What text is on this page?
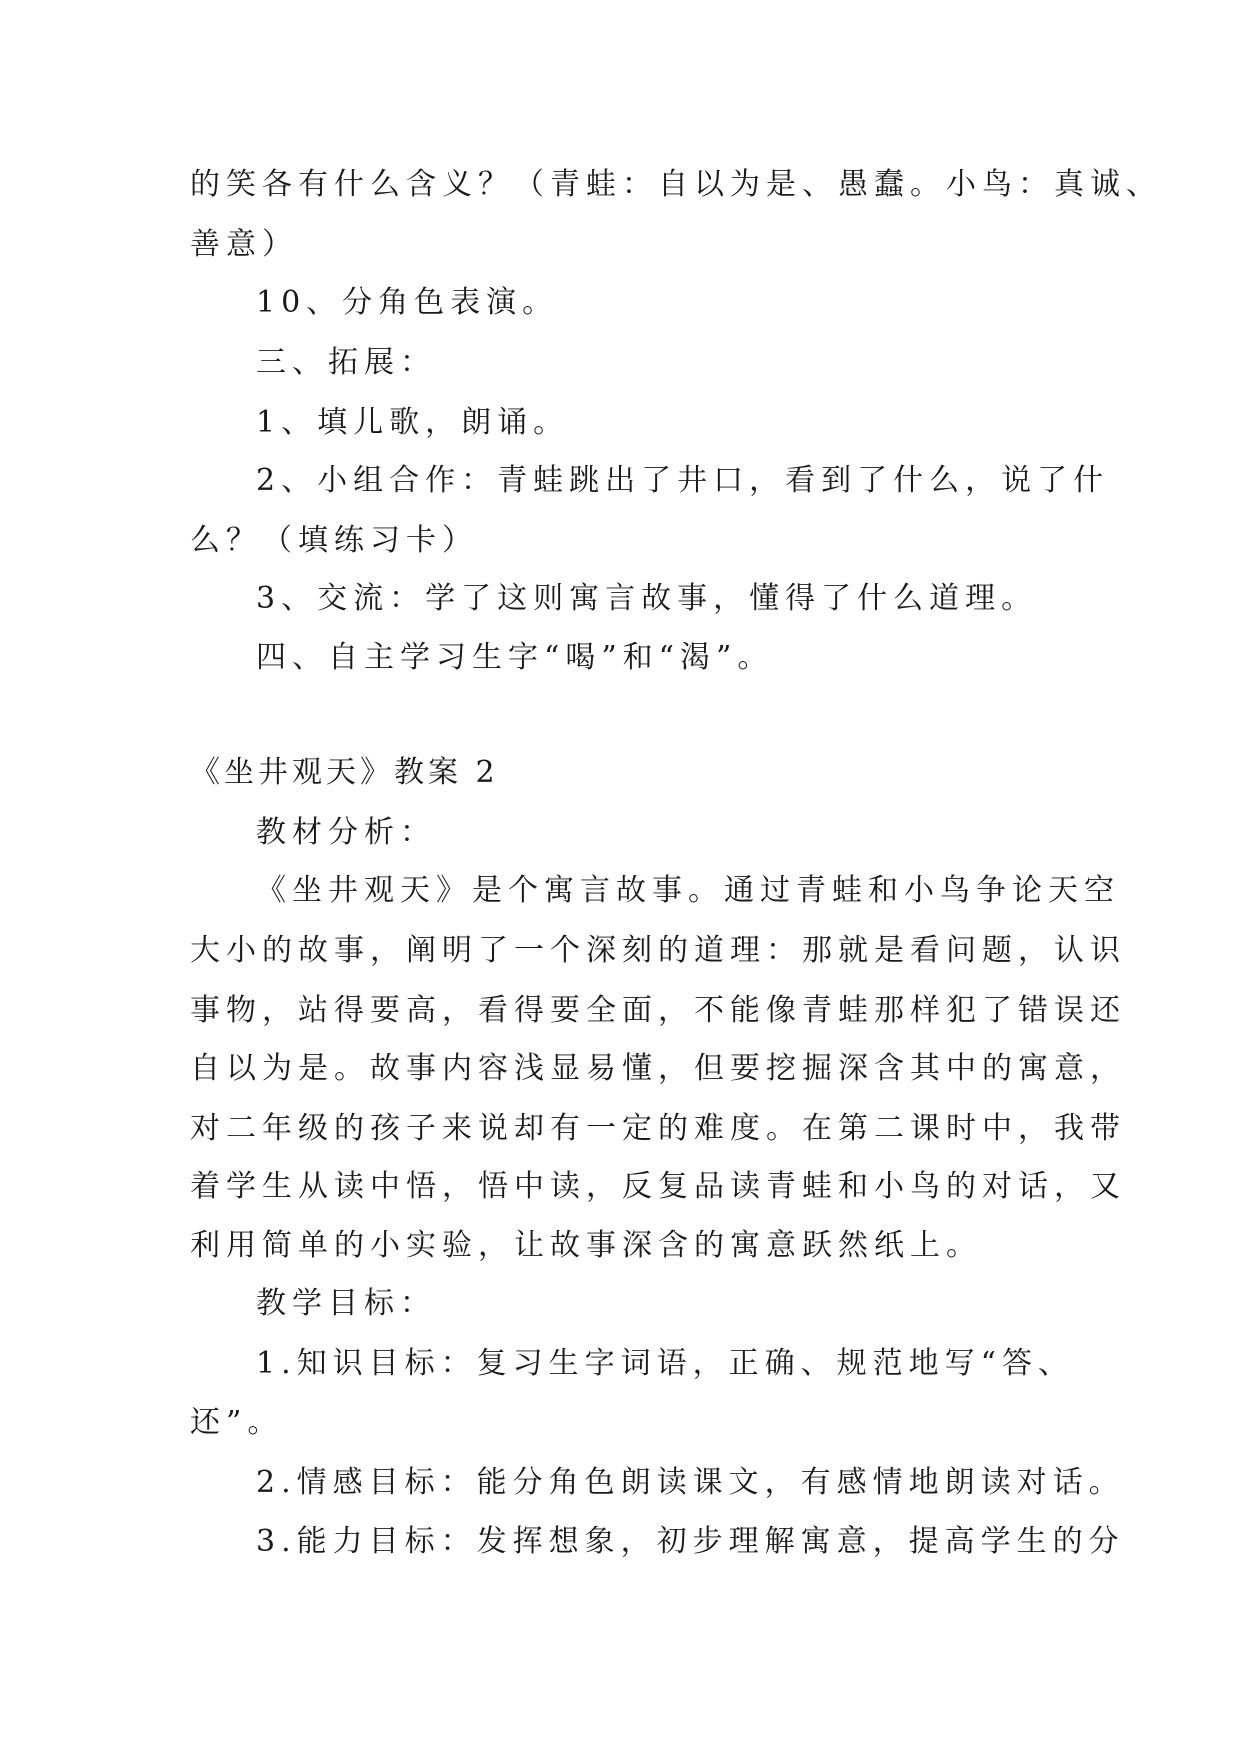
的笑各有什么含义？（青蛙：自以为是、愚蠢。小鸟：真诚、
善意）
10、分角色表演。
三、拓展：
1、填儿歌，朗诵。
2、小组合作：青蛙跳出了井口，看到了什么，说了什
么？（填练习卡）
3、交流：学了这则寓言故事，懂得了什么道理。
四、自主学习生字“喝”和“渴”。
《坐井观天》教案 2
教材分析：
《坐井观天》是个寓言故事。通过青蛙和小鸟争论天空
大小的故事，阐明了一个深刻的道理：那就是看问题，认识
事物，站得要高，看得要全面，不能像青蛙那样犯了错误还
自以为是。故事内容浅显易懂，但要挖掘深含其中的寓意，
对二年级的孩子来说却有一定的难度。在第二课时中，我带
着学生从读中悟，悟中读，反复品读青蛙和小鸟的对话，又
利用简单的小实验，让故事深含的寓意跃然纸上。
教学目标：
1.知识目标：复习生字词语，正确、规范地写“答、
还”。
2.情感目标：能分角色朗读课文，有感情地朗读对话。
3.能力目标：发挥想象，初步理解寓意，提高学生的分
